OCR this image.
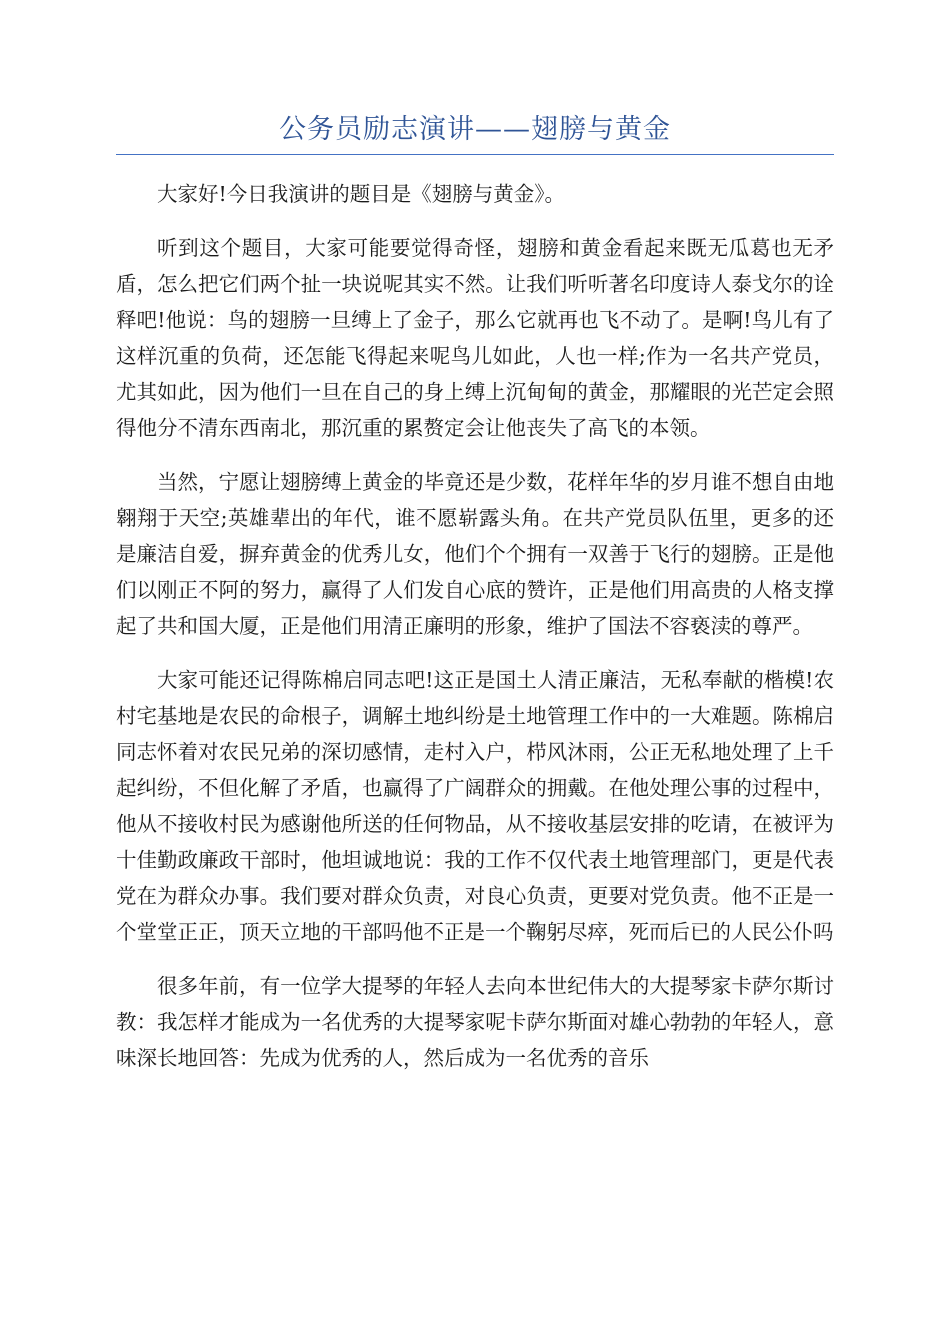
公务员励志演讲——翅膀与黄金

大家好!今日我演讲的题目是《翅膀与黄金》。

听到这个题目，大家可能要觉得奇怪，翅膀和黄金看起来既无瓜葛也无矛盾，怎么把它们两个扯一块说呢其实不然。让我们听听著名印度诗人泰戈尔的诠释吧!他说：鸟的翅膀一旦缚上了金子，那么它就再也飞不动了。是啊!鸟儿有了这样沉重的负荷，还怎能飞得起来呢鸟儿如此，人也一样;作为一名共产党员，尤其如此，因为他们一旦在自己的身上缚上沉甸甸的黄金，那耀眼的光芒定会照得他分不清东西南北，那沉重的累赘定会让他丧失了高飞的本领。

当然，宁愿让翅膀缚上黄金的毕竟还是少数，花样年华的岁月谁不想自由地翱翔于天空;英雄辈出的年代，谁不愿崭露头角。在共产党员队伍里，更多的还是廉洁自爱，摒弃黄金的优秀儿女，他们个个拥有一双善于飞行的翅膀。正是他们以刚正不阿的努力，赢得了人们发自心底的赞许，正是他们用高贵的人格支撑起了共和国大厦，正是他们用清正廉明的形象，维护了国法不容亵渎的尊严。

大家可能还记得陈棉启同志吧!这正是国土人清正廉洁，无私奉献的楷模!农村宅基地是农民的命根子，调解土地纠纷是土地管理工作中的一大难题。陈棉启同志怀着对农民兄弟的深切感情，走村入户，栉风沐雨，公正无私地处理了上千起纠纷，不但化解了矛盾，也赢得了广阔群众的拥戴。在他处理公事的过程中，他从不接收村民为感谢他所送的任何物品，从不接收基层安排的吃请，在被评为十佳勤政廉政干部时，他坦诚地说：我的工作不仅代表土地管理部门，更是代表党在为群众办事。我们要对群众负责，对良心负责，更要对党负责。他不正是一个堂堂正正，顶天立地的干部吗他不正是一个鞠躬尽瘁，死而后已的人民公仆吗

很多年前，有一位学大提琴的年轻人去向本世纪伟大的大提琴家卡萨尔斯讨教：我怎样才能成为一名优秀的大提琴家呢卡萨尔斯面对雄心勃勃的年轻人，意味深长地回答：先成为优秀的人，然后成为一名优秀的音乐
